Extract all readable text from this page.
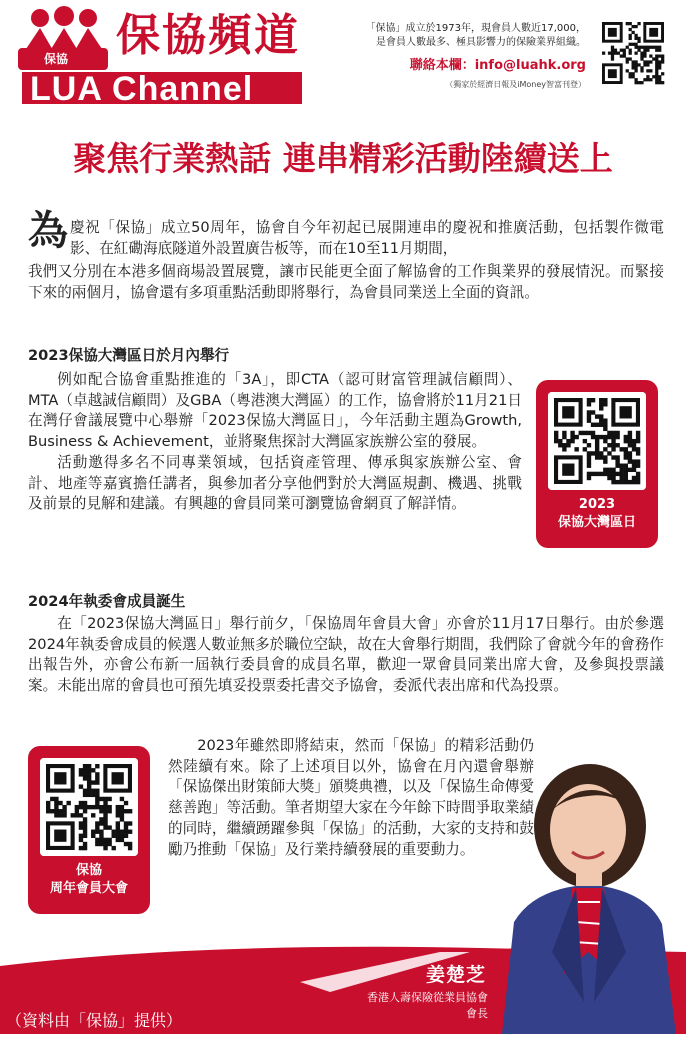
保協 保協頻道
LUA Channel
「保協」成立於1973年，現會員人數近17,000，
是會員人數最多、極具影響力的保險業界組織。
聯絡本欄：info@luahk.org
（獨家於經濟日報及iMoney智富刊登）
聚焦行業熱話 連串精彩活動陸續送上
為 慶祝「保協」成立50周年，協會自今年初起已展開連串的慶祝和推廣活動，包括製作微電影、在紅磡海底隧道外設置廣告板等，而在10至11月期間，
我們又分別在本港多個商場設置展覽，讓市民能更全面了解協會的工作與業界的發展情況。而緊接下來的兩個月，協會還有多項重點活動即將舉行，為會員同業送上全面的資訊。
2023保協大灣區日於月內舉行
例如配合協會重點推進的「3A」，即CTA（認可財富管理誠信顧問）、MTA（卓越誠信顧問）及GBA（粵港澳大灣區）的工作，協會將於11月21日在灣仔會議展覽中心舉辦「2023保協大灣區日」，今年活動主題為Growth, Business & Achievement，並將聚焦探討大灣區家族辦公室的發展。
活動邀得多名不同專業領域，包括資產管理、傳承與家族辦公室、會計、地產等嘉賓擔任講者，與參加者分享他們對於大灣區規劃、機遇、挑戰及前景的見解和建議。有興趣的會員同業可瀏覽協會網頁了解詳情。	2023
保協大灣區日
2024年執委會成員誕生
在「2023保協大灣區日」舉行前夕，「保協周年會員大會」亦會於11月17日舉行。由於參選2024年執委會成員的候選人數並無多於職位空缺，故在大會舉行期間，我們除了會就今年的會務作出報告外，亦會公布新一屆執行委員會的成員名單，歡迎一眾會員同業出席大會，及參與投票議案。未能出席的會員也可預先填妥投票委托書交予協會，委派代表出席和代為投票。
保協
周年會員大會
2023年雖然即將結束，然而「保協」的精彩活動仍然陸續有來。除了上述項目以外，協會在月內還會舉辦「保協傑出財策師大獎」頒獎典禮，以及「保協生命傳愛慈善跑」等活動。筆者期望大家在今年餘下時間爭取業績的同時，繼續踴躍參與「保協」的活動，大家的支持和鼓勵乃推動「保協」及行業持續發展的重要動力。
姜楚芝
香港人壽保險從業員協會
會長
（資料由「保協」提供）
